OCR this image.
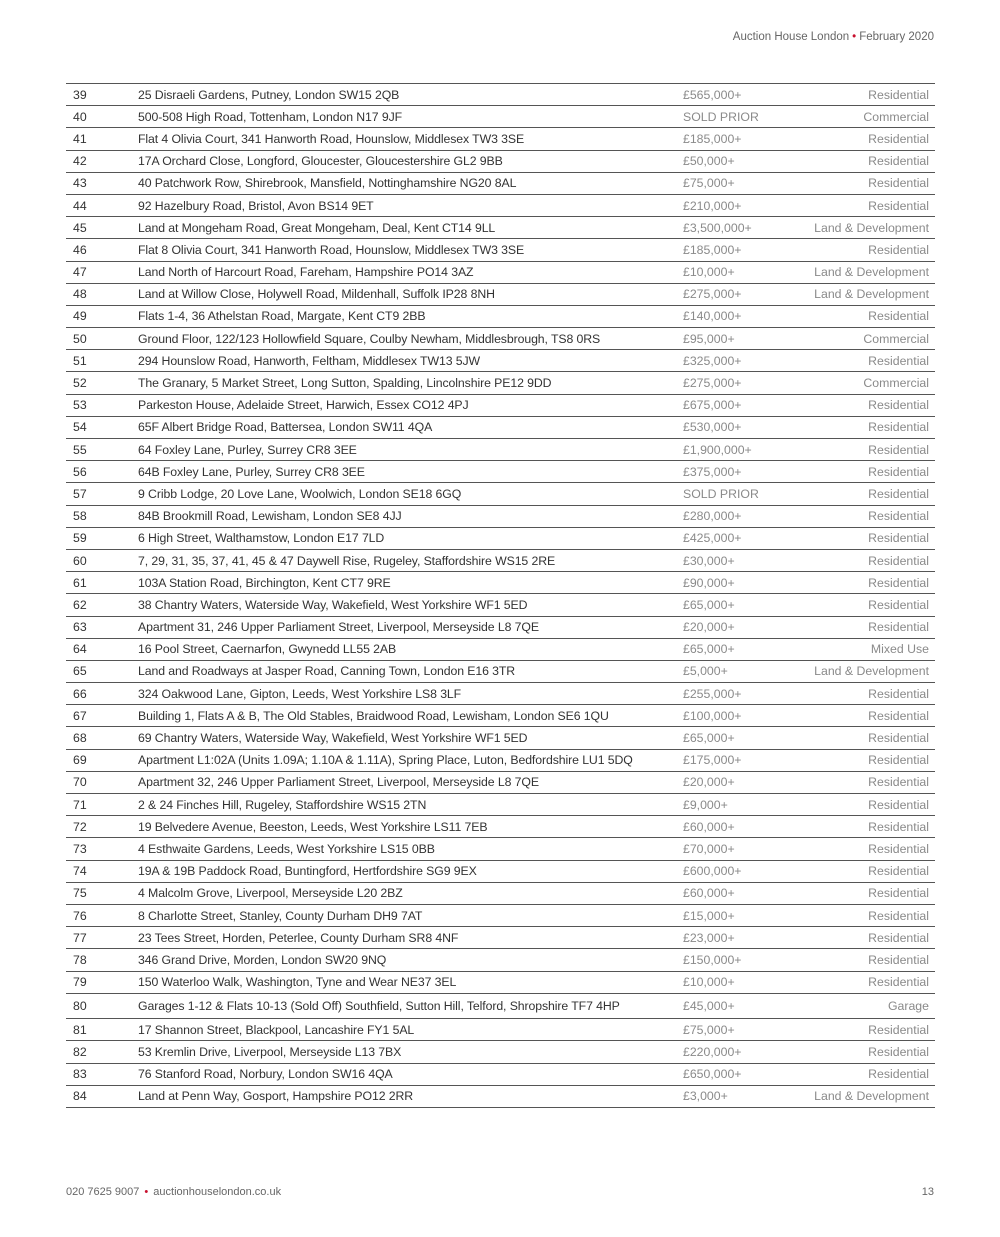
Auction House London • February 2020
39	25 Disraeli Gardens, Putney, London SW15 2QB	£565,000+	Residential
40	500-508 High Road, Tottenham, London N17 9JF	SOLD PRIOR	Commercial
41	Flat 4 Olivia Court, 341 Hanworth Road, Hounslow, Middlesex TW3 3SE	£185,000+	Residential
42	17A Orchard Close, Longford, Gloucester, Gloucestershire GL2 9BB	£50,000+	Residential
43	40 Patchwork Row, Shirebrook, Mansfield, Nottinghamshire NG20 8AL	£75,000+	Residential
44	92 Hazelbury Road, Bristol, Avon BS14 9ET	£210,000+	Residential
45	Land at Mongeham Road, Great Mongeham, Deal, Kent CT14 9LL	£3,500,000+	Land & Development
46	Flat 8 Olivia Court, 341 Hanworth Road, Hounslow, Middlesex TW3 3SE	£185,000+	Residential
47	Land North of Harcourt Road, Fareham, Hampshire PO14 3AZ	£10,000+	Land & Development
48	Land at Willow Close, Holywell Road, Mildenhall, Suffolk IP28 8NH	£275,000+	Land & Development
49	Flats 1-4, 36 Athelstan Road, Margate, Kent CT9 2BB	£140,000+	Residential
50	Ground Floor, 122/123 Hollowfield Square, Coulby Newham, Middlesbrough, TS8 0RS	£95,000+	Commercial
51	294 Hounslow Road, Hanworth, Feltham, Middlesex TW13 5JW	£325,000+	Residential
52	The Granary, 5 Market Street, Long Sutton, Spalding, Lincolnshire PE12 9DD	£275,000+	Commercial
53	Parkeston House, Adelaide Street, Harwich, Essex CO12 4PJ	£675,000+	Residential
54	65F Albert Bridge Road, Battersea, London SW11 4QA	£530,000+	Residential
55	64 Foxley Lane, Purley, Surrey CR8 3EE	£1,900,000+	Residential
56	64B Foxley Lane, Purley, Surrey CR8 3EE	£375,000+	Residential
57	9 Cribb Lodge, 20 Love Lane, Woolwich, London SE18 6GQ	SOLD PRIOR	Residential
58	84B Brookmill Road, Lewisham, London SE8 4JJ	£280,000+	Residential
59	6 High Street, Walthamstow, London E17 7LD	£425,000+	Residential
60	7, 29, 31, 35, 37, 41, 45 & 47 Daywell Rise, Rugeley, Staffordshire WS15 2RE	£30,000+	Residential
61	103A Station Road, Birchington, Kent CT7 9RE	£90,000+	Residential
62	38 Chantry Waters, Waterside Way, Wakefield, West Yorkshire WF1 5ED	£65,000+	Residential
63	Apartment 31, 246 Upper Parliament Street, Liverpool, Merseyside L8 7QE	£20,000+	Residential
64	16 Pool Street, Caernarfon, Gwynedd LL55 2AB	£65,000+	Mixed Use
65	Land and Roadways at Jasper Road, Canning Town, London E16 3TR	£5,000+	Land & Development
66	324 Oakwood Lane, Gipton, Leeds, West Yorkshire LS8 3LF	£255,000+	Residential
67	Building 1, Flats A & B, The Old Stables, Braidwood Road, Lewisham, London SE6 1QU	£100,000+	Residential
68	69 Chantry Waters, Waterside Way, Wakefield, West Yorkshire WF1 5ED	£65,000+	Residential
69	Apartment L1:02A (Units 1.09A; 1.10A & 1.11A), Spring Place, Luton, Bedfordshire LU1 5DQ	£175,000+	Residential
70	Apartment 32, 246 Upper Parliament Street, Liverpool, Merseyside L8 7QE	£20,000+	Residential
71	2 & 24 Finches Hill, Rugeley, Staffordshire WS15 2TN	£9,000+	Residential
72	19 Belvedere Avenue, Beeston, Leeds, West Yorkshire LS11 7EB	£60,000+	Residential
73	4 Esthwaite Gardens, Leeds, West Yorkshire LS15 0BB	£70,000+	Residential
74	19A & 19B Paddock Road, Buntingford, Hertfordshire SG9 9EX	£600,000+	Residential
75	4 Malcolm Grove, Liverpool, Merseyside L20 2BZ	£60,000+	Residential
76	8 Charlotte Street, Stanley, County Durham DH9 7AT	£15,000+	Residential
77	23 Tees Street, Horden, Peterlee, County Durham SR8 4NF	£23,000+	Residential
78	346 Grand Drive, Morden, London SW20 9NQ	£150,000+	Residential
79	150 Waterloo Walk, Washington, Tyne and Wear NE37 3EL	£10,000+	Residential
80	Garages 1-12 & Flats 10-13 (Sold Off) Southfield, Sutton Hill, Telford, Shropshire TF7 4HP	£45,000+	Garage
81	17 Shannon Street, Blackpool, Lancashire FY1 5AL	£75,000+	Residential
82	53 Kremlin Drive, Liverpool, Merseyside L13 7BX	£220,000+	Residential
83	76 Stanford Road, Norbury, London SW16 4QA	£650,000+	Residential
84	Land at Penn Way, Gosport, Hampshire PO12 2RR	£3,000+	Land & Development
020 7625 9007 • auctionhouselondon.co.uk	13
